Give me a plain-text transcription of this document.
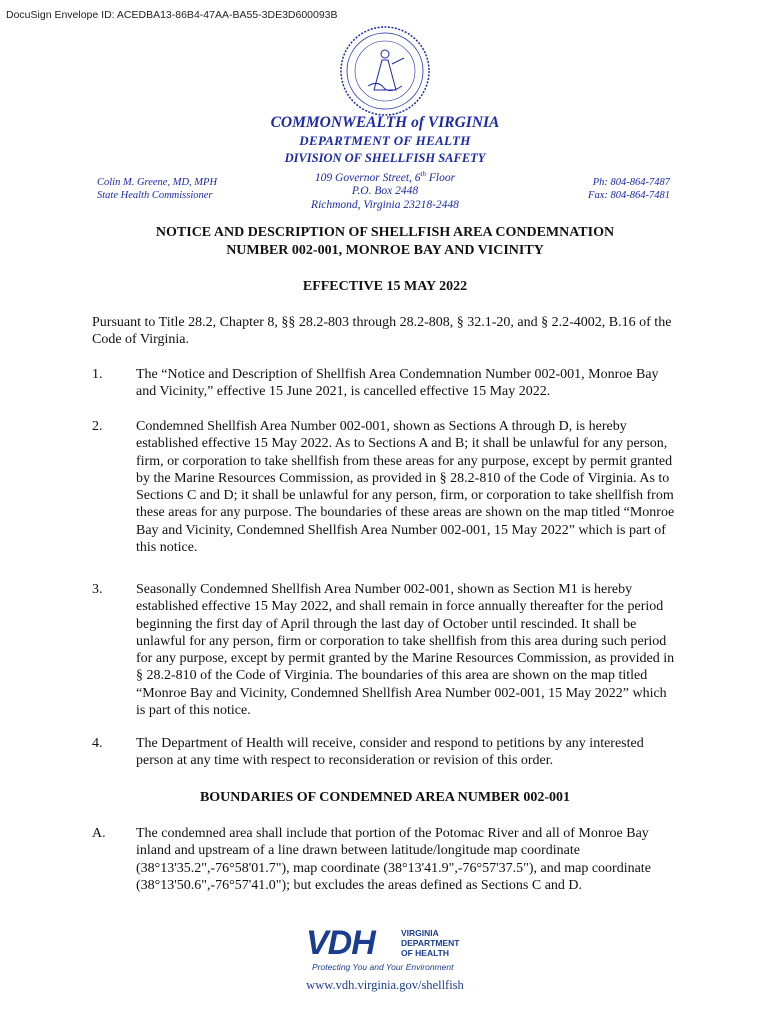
DocuSign Envelope ID: ACEDBA13-86B4-47AA-BA55-3DE3D600093B
COMMONWEALTH of VIRGINIA
DEPARTMENT OF HEALTH
DIVISION OF SHELLFISH SAFETY
Colin M. Greene, MD, MPH
State Health Commissioner
109 Governor Street, 6th Floor
P.O. Box 2448
Richmond, Virginia 23218-2448
Ph: 804-864-7487
Fax: 804-864-7481
NOTICE AND DESCRIPTION OF SHELLFISH AREA CONDEMNATION
NUMBER 002-001, MONROE BAY AND VICINITY
EFFECTIVE 15 MAY 2022
Pursuant to Title 28.2, Chapter 8, §§ 28.2-803 through 28.2-808, § 32.1-20, and § 2.2-4002, B.16 of the Code of Virginia.
1. The “Notice and Description of Shellfish Area Condemnation Number 002-001, Monroe Bay and Vicinity,” effective 15 June 2021, is cancelled effective 15 May 2022.
2. Condemned Shellfish Area Number 002-001, shown as Sections A through D, is hereby established effective 15 May 2022. As to Sections A and B; it shall be unlawful for any person, firm, or corporation to take shellfish from these areas for any purpose, except by permit granted by the Marine Resources Commission, as provided in § 28.2-810 of the Code of Virginia. As to Sections C and D; it shall be unlawful for any person, firm, or corporation to take shellfish from these areas for any purpose. The boundaries of these areas are shown on the map titled “Monroe Bay and Vicinity, Condemned Shellfish Area Number 002-001, 15 May 2022” which is part of this notice.
3. Seasonally Condemned Shellfish Area Number 002-001, shown as Section M1 is hereby established effective 15 May 2022, and shall remain in force annually thereafter for the period beginning the first day of April through the last day of October until rescinded. It shall be unlawful for any person, firm or corporation to take shellfish from this area during such period for any purpose, except by permit granted by the Marine Resources Commission, as provided in § 28.2-810 of the Code of Virginia. The boundaries of this area are shown on the map titled “Monroe Bay and Vicinity, Condemned Shellfish Area Number 002-001, 15 May 2022” which is part of this notice.
4. The Department of Health will receive, consider and respond to petitions by any interested person at any time with respect to reconsideration or revision of this order.
BOUNDARIES OF CONDEMNED AREA NUMBER 002-001
A. The condemned area shall include that portion of the Potomac River and all of Monroe Bay inland and upstream of a line drawn between latitude/longitude map coordinate (38°13'35.2",-76°58'01.7"), map coordinate (38°13'41.9",-76°57'37.5"), and map coordinate (38°13'50.6",-76°57'41.0"); but excludes the areas defined as Sections C and D.
VDH	VIRGINIA
DEPARTMENT
OF HEALTH
Protecting You and Your Environment
www.vdh.virginia.gov/shellfish
